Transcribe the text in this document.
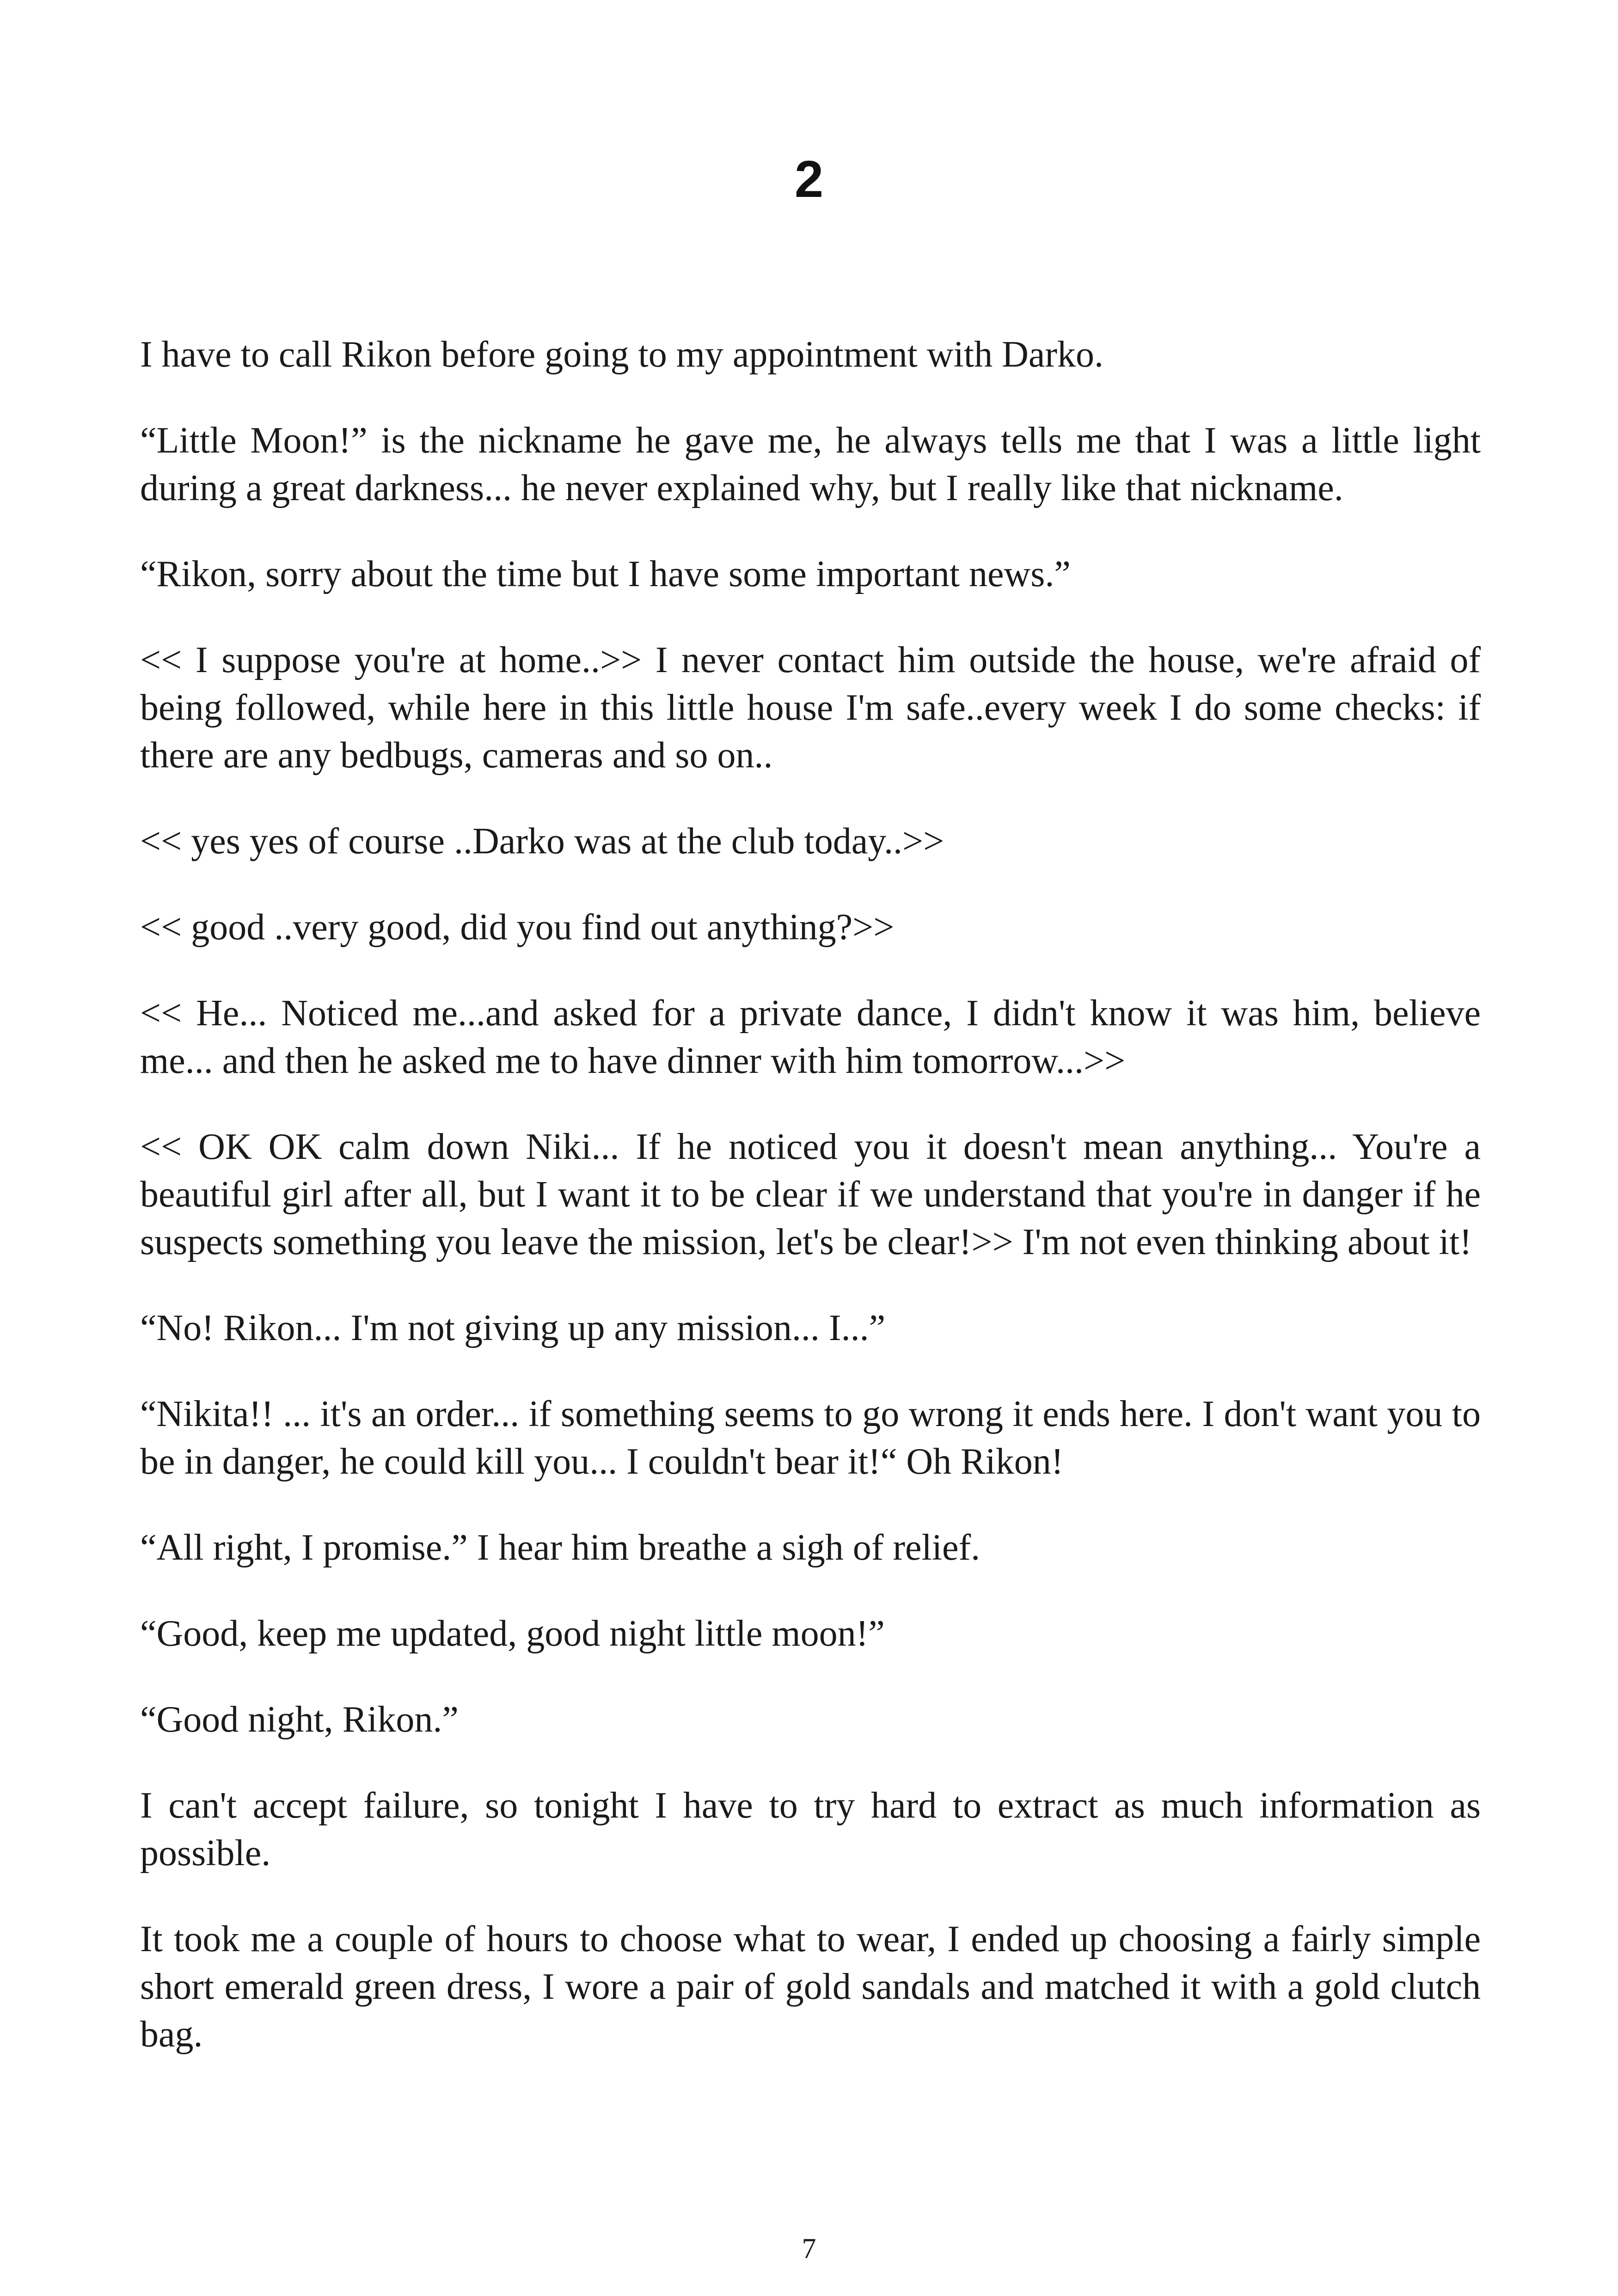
2

I have to call Rikon before going to my appointment with Darko.

“Little Moon!” is the nickname he gave me, he always tells me that I was a little light during a great darkness... he never explained why, but I really like that nickname.

“Rikon, sorry about the time but I have some important news.”

<< I suppose you're at home..>> I never contact him outside the house, we're afraid of being followed, while here in this little house I'm safe..every week I do some checks: if there are any bedbugs, cameras and so on..

<< yes yes of course ..Darko was at the club today..>>

<< good ..very good, did you find out anything?>>

<< He... Noticed me...and asked for a private dance, I didn't know it was him, believe me... and then he asked me to have dinner with him tomorrow...>>

<< OK OK calm down Niki... If he noticed you it doesn't mean anything... You're a beautiful girl after all, but I want it to be clear if we understand that you're in danger if he suspects something you leave the mission, let's be clear!>> I'm not even thinking about it!

“No! Rikon... I'm not giving up any mission... I...”

“Nikita!! ... it's an order... if something seems to go wrong it ends here. I don't want you to be in danger, he could kill you... I couldn't bear it!“ Oh Rikon!

“All right, I promise.” I hear him breathe a sigh of relief.

“Good, keep me updated, good night little moon!”

“Good night, Rikon.”

I can't accept failure, so tonight I have to try hard to extract as much information as possible.

It took me a couple of hours to choose what to wear, I ended up choosing a fairly simple short emerald green dress, I wore a pair of gold sandals and matched it with a gold clutch bag.

7
